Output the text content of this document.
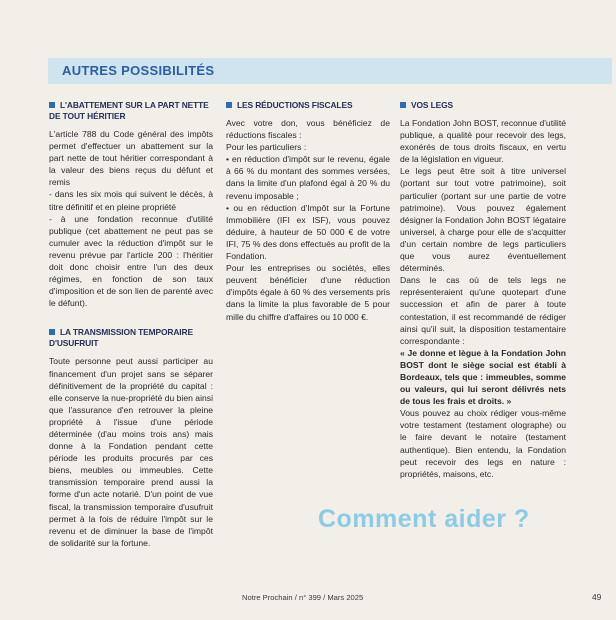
AUTRES POSSIBILITÉS
L'ABATTEMENT SUR LA PART NETTE DE TOUT HÉRITIER

L'article 788 du Code général des impôts permet d'effectuer un abattement sur la part nette de tout héritier correspondant à la valeur des biens reçus du défunt et remis

- dans les six mois qui suivent le décès, à titre définitif et en pleine propriété

- à une fondation reconnue d'utilité publique (cet abattement ne peut pas se cumuler avec la réduction d'impôt sur le revenu prévue par l'article 200 : l'héritier doit donc choisir entre l'un des deux régimes, en fonction de son taux d'imposition et de son lien de parenté avec le défunt).

LA TRANSMISSION TEMPORAIRE D'USUFRUIT

Toute personne peut aussi participer au financement d'un projet sans se séparer définitivement de la propriété du capital : elle conserve la nue-propriété du bien ainsi que l'assurance d'en retrouver la pleine propriété à l'issue d'une période déterminée (d'au moins trois ans) mais donne à la Fondation pendant cette période les produits procurés par ces biens, meubles ou immeubles. Cette transmission temporaire prend aussi la forme d'un acte notarié. D'un point de vue fiscal, la transmission temporaire d'usufruit permet à la fois de réduire l'impôt sur le revenu et de diminuer la base de l'impôt de solidarité sur la fortune.

LES RÉDUCTIONS FISCALES

Avec votre don, vous bénéficiez de réductions fiscales :

Pour les particuliers :

• en réduction d'impôt sur le revenu, égale à 66 % du montant des sommes versées, dans la limite d'un plafond égal à 20 % du revenu imposable ;

• ou en réduction d'Impôt sur la Fortune Immobilière (IFI ex ISF), vous pouvez déduire, à hauteur de 50 000 € de votre IFI, 75 % des dons effectués au profit de la Fondation.

Pour les entreprises ou sociétés, elles peuvent bénéficier d'une réduction d'impôts égale à 60 % des versements pris dans la limite la plus favorable de 5 pour mille du chiffre d'affaires ou 10 000 €.

VOS LEGS

La Fondation John BOST, reconnue d'utilité publique, a qualité pour recevoir des legs, exonérés de tous droits fiscaux, en vertu de la législation en vigueur.

Le legs peut être soit à titre universel (portant sur tout votre patrimoine), soit particulier (portant sur une partie de votre patrimoine). Vous pouvez également désigner la Fondation John BOST légataire universel, à charge pour elle de s'acquitter d'un certain nombre de legs particuliers que vous aurez éventuellement déterminés.

Dans le cas où de tels legs ne représenteraient qu'une quotepart d'une succession et afin de parer à toute contestation, il est recommandé de rédiger ainsi qu'il suit, la disposition testamentaire correspondante :

« Je donne et lègue à la Fondation John BOST dont le siège social est établi à Bordeaux, tels que : immeubles, somme ou valeurs, qui lui seront délivrés nets de tous les frais et droits. »

Vous pouvez au choix rédiger vous-même votre testament (testament olographe) ou le faire devant le notaire (testament authentique). Bien entendu, la Fondation peut recevoir des legs en nature : propriétés, maisons, etc.

Comment aider ?
Notre Prochain / n° 399 / Mars 2025	49
